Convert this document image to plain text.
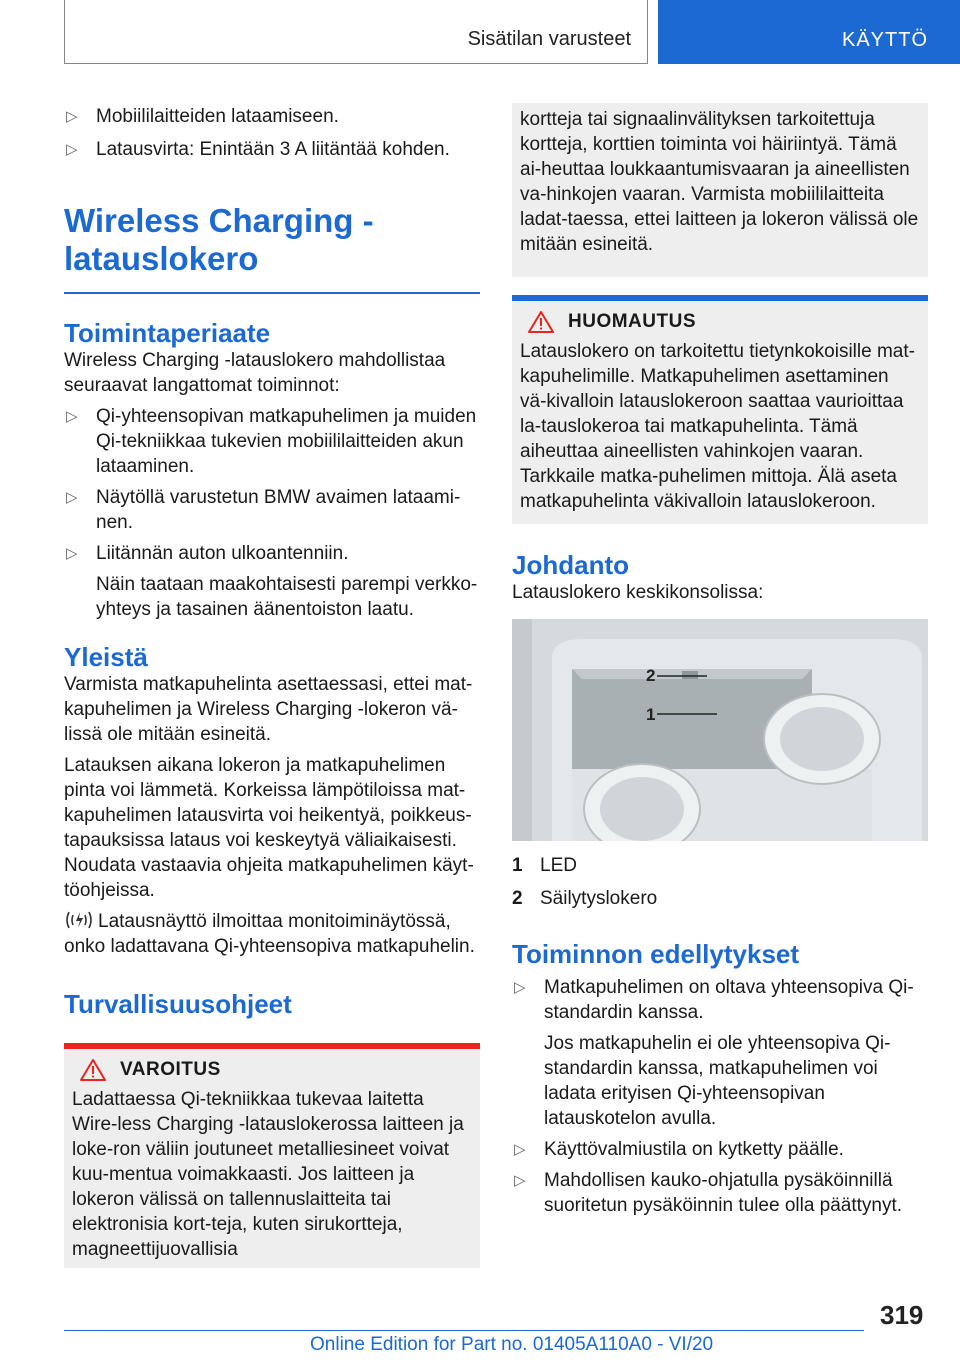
Sisätilan varusteet	KÄYTTÖ
▷ Mobiililaitteiden lataamiseen.
▷ Latausvirta: Enintään 3 A liitäntää kohden.
Wireless Charging -
latauslokero
Toimintaperiaate

Wireless Charging -latauslokero mahdollistaa seuraavat langattomat toiminnot:

▷ Qi-yhteensopivan matkapuhelimen ja muiden Qi-tekniikkaa tukevien mobiililaitteiden akun lataaminen.
▷ Näytöllä varustetun BMW avaimen lataami-nen.
▷ Liitännän auton ulkoantenniin.

Näin taataan maakohtaisesti parempi verkko-yhteys ja tasainen äänentoiston laatu.

Yleistä

Varmista matkapuhelinta asettaessasi, ettei mat-kapuhelimen ja Wireless Charging -lokeron vä-lissä ole mitään esineitä.

Latauksen aikana lokeron ja matkapuhelimen pinta voi lämmetä. Korkeissa lämpötiloissa mat-kapuhelimen latausvirta voi heikentyä, poikkeus-tapauksissa lataus voi keskeytyä väliaikaisesti. Noudata vastaavia ohjeita matkapuhelimen käyt-töohjeissa.

Latausnäyttö ilmoittaa monitoiminäytössä, onko ladattavana Qi-yhteensopiva matkapuhelin.

Turvallisuusohjeet
VAROITUS

Ladattaessa Qi-tekniikkaa tukevaa laitetta Wire-less Charging -latauslokerossa laitteen ja loke-ron väliin joutuneet metalliesineet voivat kuu-mentua voimakkaasti. Jos laitteen ja lokeron välissä on tallennuslaitteita tai elektronisia kort-teja, kuten sirukortteja, magneettijuovallisia

kortteja tai signaalinvälityksen tarkoitettuja kortteja, korttien toiminta voi häiriintyä. Tämä ai-heuttaa loukkaantumisvaaran ja aineellisten va-hinkojen vaaran. Varmista mobiililaitteita ladat-taessa, ettei laitteen ja lokeron välissä ole mitään esineitä.

HUOMAUTUS

Latauslokero on tarkoitettu tietynkokoisille mat-kapuhelimille. Matkapuhelimen asettaminen vä-kivalloin latauslokeroon saattaa vaurioittaa la-tauslokeroa tai matkapuhelinta. Tämä aiheuttaa aineellisten vahinkojen vaaran. Tarkkaile matka-puhelimen mittoja. Älä aseta matkapuhelinta väkivalloin latauslokeroon.

Johdanto

Latauslokero keskikonsolissa:

2
1
1 LED
2 Säilytyslokero
Toiminnon edellytykset
▷ Matkapuhelimen on oltava yhteensopiva Qi-standardin kanssa.

Jos matkapuhelin ei ole yhteensopiva Qi-standardin kanssa, matkapuhelimen voi ladata erityisen Qi-yhteensopivan latauskotelon avulla.

▷ Käyttövalmiustila on kytketty päälle.
▷ Mahdollisen kauko-ohjatulla pysäköinnillä suoritetun pysäköinnin tulee olla päättynyt.
319
Online Edition for Part no. 01405A110A0 - VI/20
